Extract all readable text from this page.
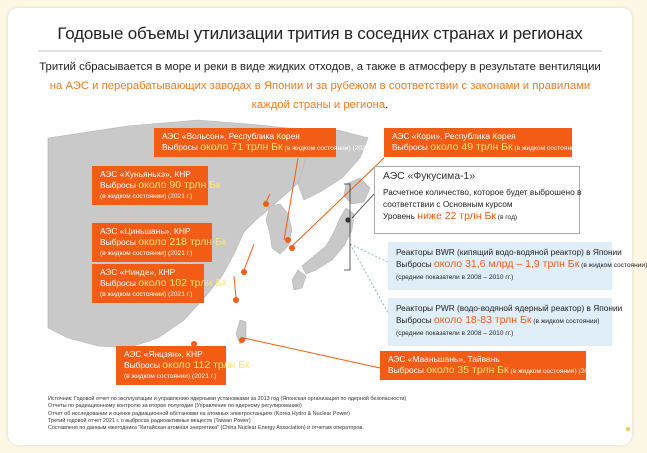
Годовые объемы утилизации трития в соседних странах и регионах
Тритий сбрасывается в море и реки в виде жидких отходов, а также в атмосферу в результате вентиляции
на АЭС и перерабатывающих заводах в Японии и за рубежом в соответствии с законами и правилами
каждой страны и региона.
АЭС «Вольсон», Республика Корея
Выбросы около 71 трлн Бк (в жидком состоянии) (2021 г.)
АЭС «Кори», Республика Корея
Выбросы около 49 трлн Бк (в жидком состоянии) (2021 г.)
АЭС «Хуньяньхэ», КНР
Выбросы около 90 трлн Бк
(в жидком состоянии) (2021 г.)
АЭС «Циньшань», КНР
Выбросы около 218 трлн Бк
(в жидком состоянии) (2021 г.)
АЭС «Нинде», КНР
Выбросы около 102 трлн Бк
(в жидком состоянии) (2021 г.)
АЭС «Янцзян», КНР
Выбросы около 112 трлн Бк
(в жидком состоянии) (2021 г.)
АЭС «Мааньшань», Тайвань
Выбросы около 35 трлн Бк (в жидком состоянии) (2021 г.)
АЭС «Фукусима-1»
Расчетное количество, которое будет выброшено в
соответствии с Основным курсом
Уровень ниже 22 трлн Бк (в год)
Реакторы BWR (кипящий водо-водяной реактор) в Японии
Выбросы около 31,6 млрд – 1,9 трлн Бк (в жидком состоянии)
(средние показатели в 2008 – 2010 гг.)
Реакторы PWR (водо-водяной ядерный реактор) в Японии
Выбросы около 18-83 трлн Бк (в жидком состоянии)
(средние показатели в 2008 – 2010 гг.)
Источник: Годовой отчет по эксплуатации и управлению ядерными установками за 2013 год (Японская организация по ядерной безопасности)
Отчеты по радиационному контролю за второе полугодие (Управление по ядерному регулированию)
Отчет об исследовании и оценке радиационной обстановки на атомных электростанциях (Korea Hydro & Nuclear Power)
Третий годовой отчет 2021 г. о выбросах радиоактивных веществ (Taiwan Power)
Составлено по данным ежегодника "Китайская атомная энергетика" (China Nuclear Energy Association) и отчетам операторов.
